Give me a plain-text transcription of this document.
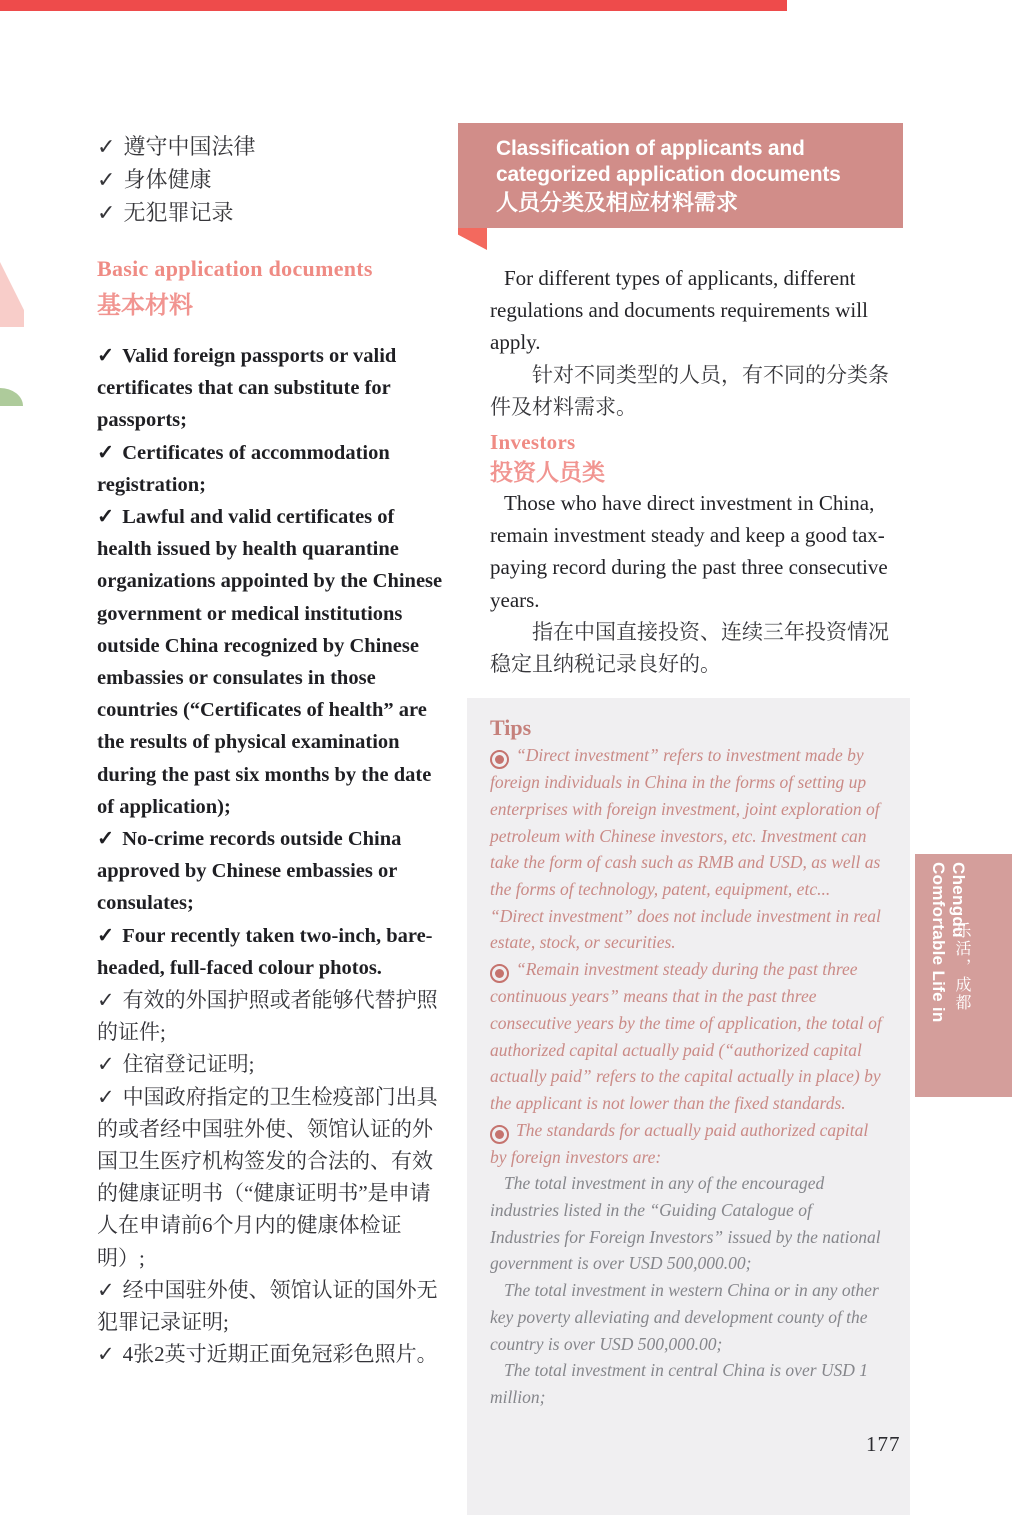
✓ 遵守中国法律

✓ 身体健康

✓ 无犯罪记录

Basic application documents
基本材料

✓ Valid foreign passports or valid certificates that can substitute for passports;

✓ Certificates of accommodation registration;

✓ Lawful and valid certificates of health issued by health quarantine organizations appointed by the Chinese government or medical institutions outside China recognized by Chinese embassies or consulates in those countries (“Certificates of health” are the results of physical examination during the past six months by the date of application);

✓ No-crime records outside China approved by Chinese embassies or consulates;

✓ Four recently taken two-inch, bare-headed, full-faced colour photos.

✓ 有效的外国护照或者能够代替护照的证件;

✓ 住宿登记证明;

✓ 中国政府指定的卫生检疫部门出具的或者经中国驻外使、领馆认证的外国卫生医疗机构签发的合法的、有效的健康证明书（“健康证明书”是申请人在申请前6个月内的健康体检证明）;

✓ 经中国驻外使、领馆认证的国外无犯罪记录证明;

✓ 4张2英寸近期正面免冠彩色照片。

Classification of applicants and
categorized application documents
人员分类及相应材料需求

For different types of applicants, different regulations and documents requirements will apply.

针对不同类型的人员，有不同的分类条件及材料需求。

Investors

投资人员类

Those who have direct investment in China, remain investment steady and keep a good tax-paying record during the past three consecutive years.

指在中国直接投资、连续三年投资情况稳定且纳税记录良好的。

Tips

“Direct investment” refers to investment made by foreign individuals in China in the forms of setting up enterprises with foreign investment, joint exploration of petroleum with Chinese investors, etc. Investment can take the form of cash such as RMB and USD, as well as the forms of technology, patent, equipment, etc... “Direct investment” does not include investment in real estate, stock, or securities.

“Remain investment steady during the past three continuous years” means that in the past three consecutive years by the time of application, the total of authorized capital actually paid (“authorized capital actually paid” refers to the capital actually in place) by the applicant is not lower than the fixed standards.

The standards for actually paid authorized capital by foreign investors are:

The total investment in any of the encouraged industries listed in the “Guiding Catalogue of Industries for Foreign Investors” issued by the national government is over USD 500,000.00;

The total investment in western China or in any other key poverty alleviating and development county of the country is over USD 500,000.00;

The total investment in central China is over USD 1 million;

Comfortable Life in Chengdu
乐活，成都
177
